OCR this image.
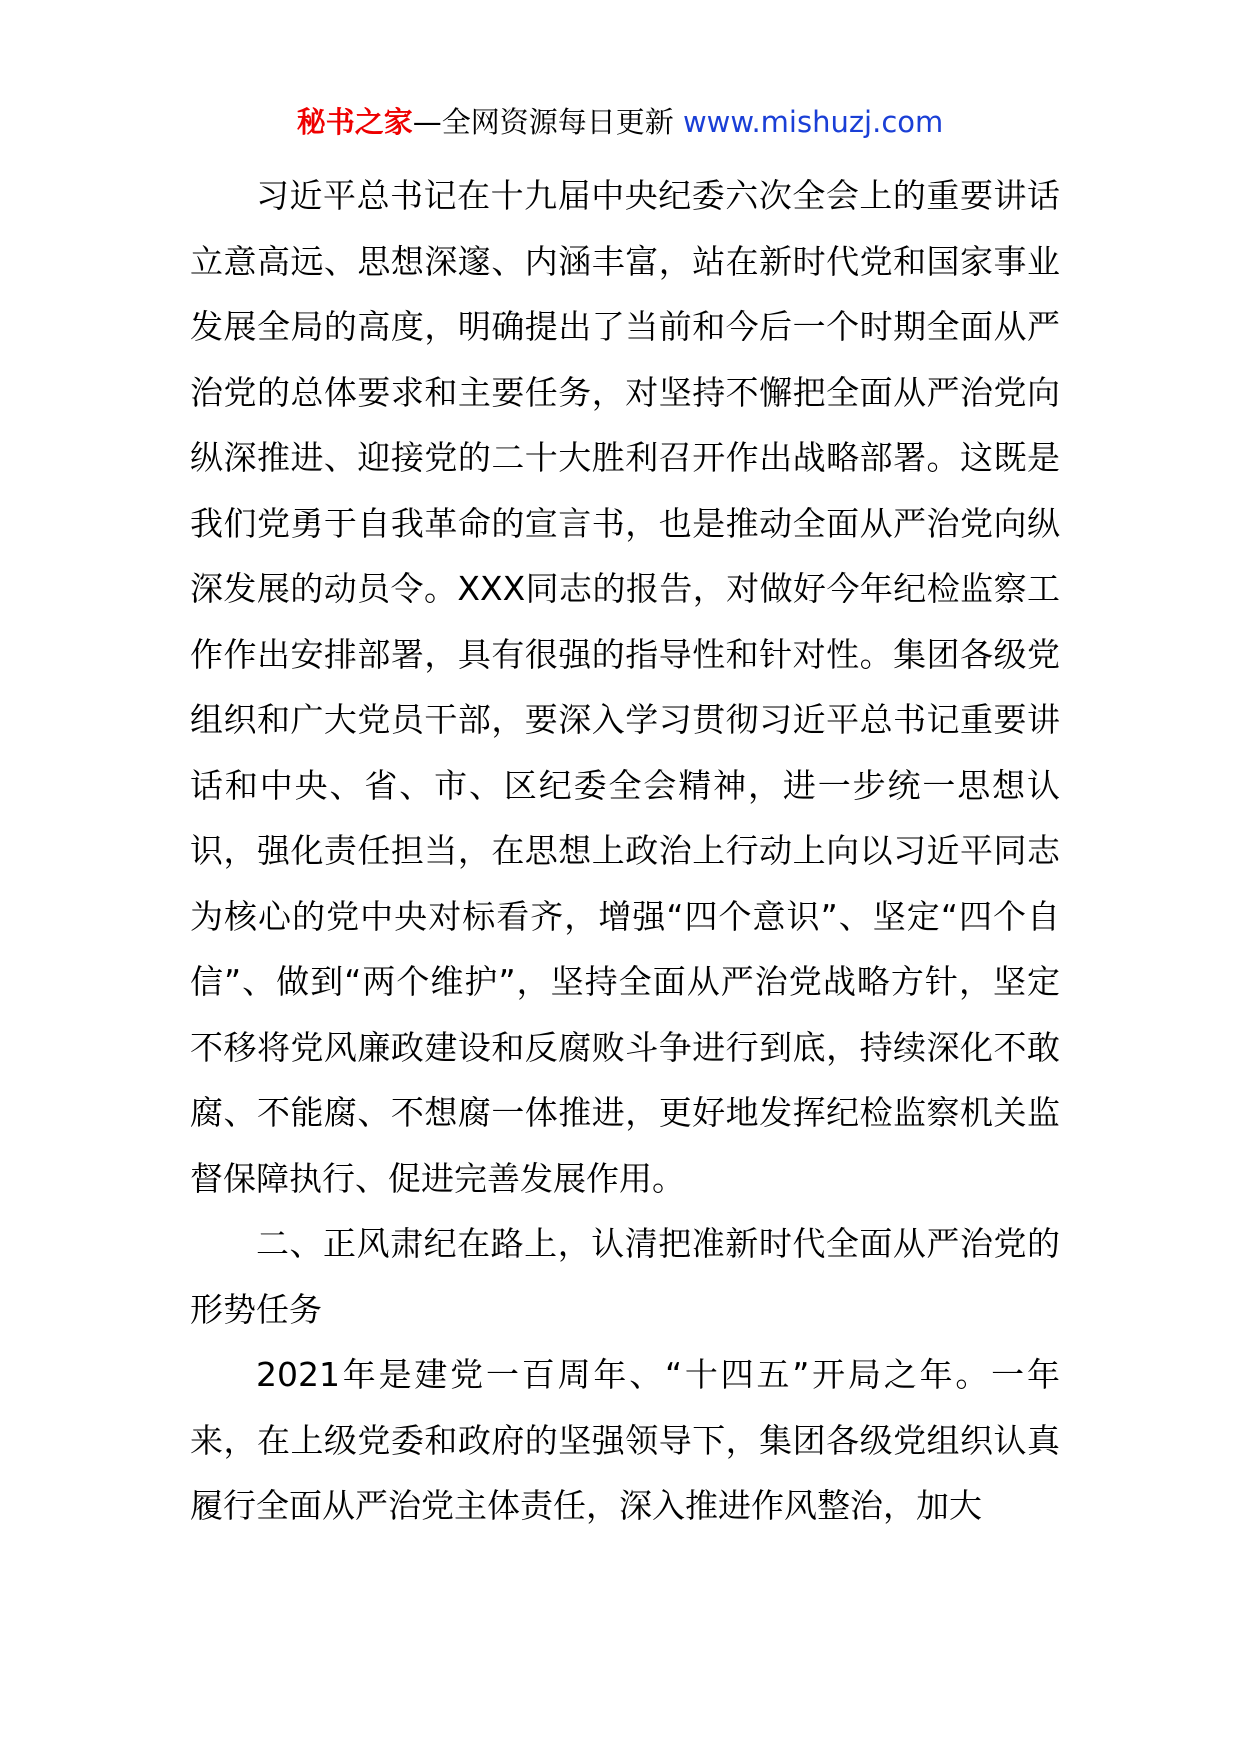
秘书之家—全网资源每日更新 www.mishuzj.com

习近平总书记在十九届中央纪委六次全会上的重要讲话立意高远、思想深邃、内涵丰富，站在新时代党和国家事业发展全局的高度，明确提出了当前和今后一个时期全面从严治党的总体要求和主要任务，对坚持不懈把全面从严治党向纵深推进、迎接党的二十大胜利召开作出战略部署。这既是我们党勇于自我革命的宣言书，也是推动全面从严治党向纵深发展的动员令。XXX同志的报告，对做好今年纪检监察工作作出安排部署，具有很强的指导性和针对性。集团各级党组织和广大党员干部，要深入学习贯彻习近平总书记重要讲话和中央、省、市、区纪委全会精神，进一步统一思想认识，强化责任担当，在思想上政治上行动上向以习近平同志为核心的党中央对标看齐，增强“四个意识”、坚定“四个自信”、做到“两个维护”，坚持全面从严治党战略方针，坚定不移将党风廉政建设和反腐败斗争进行到底，持续深化不敢腐、不能腐、不想腐一体推进，更好地发挥纪检监察机关监督保障执行、促进完善发展作用。

二、正风肃纪在路上，认清把准新时代全面从严治党的形势任务

2021年是建党一百周年、“十四五”开局之年。一年来，在上级党委和政府的坚强领导下，集团各级党组织认真履行全面从严治党主体责任，深入推进作风整治，加大
